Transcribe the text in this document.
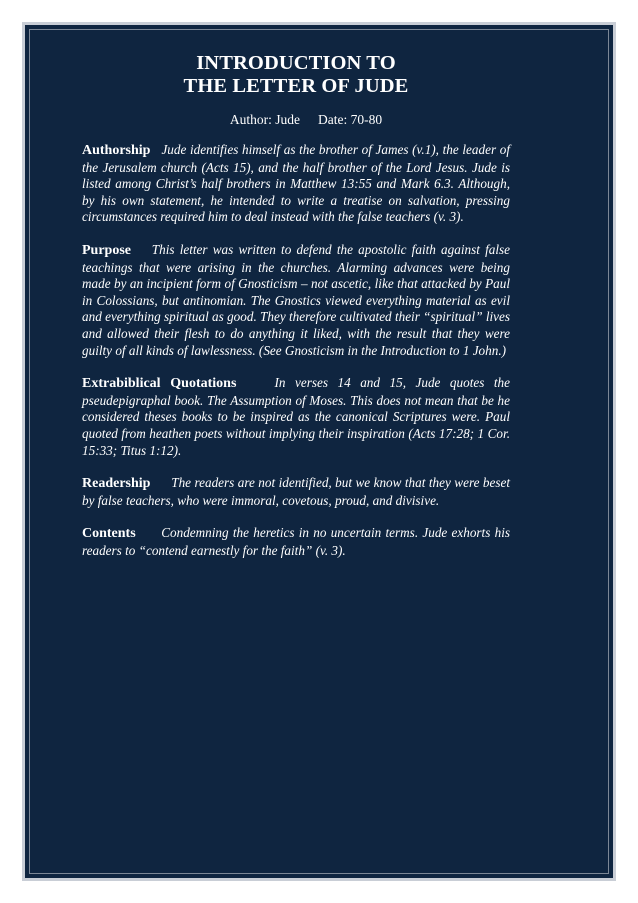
INTRODUCTION TO
THE LETTER OF JUDE
Author: Jude Date: 70-80
Authorship Jude identifies himself as the brother of James (v.1), the leader of the Jerusalem church (Acts 15), and the half brother of the Lord Jesus. Jude is listed among Christ’s half brothers in Matthew 13:55 and Mark 6.3. Although, by his own statement, he intended to write a treatise on salvation, pressing circumstances required him to deal instead with the false teachers (v. 3).
Purpose This letter was written to defend the apostolic faith against false teachings that were arising in the churches. Alarming advances were being made by an incipient form of Gnosticism – not ascetic, like that attacked by Paul in Colossians, but antinomian. The Gnostics viewed everything material as evil and everything spiritual as good. They therefore cultivated their “spiritual” lives and allowed their flesh to do anything it liked, with the result that they were guilty of all kinds of lawlessness. (See Gnosticism in the Introduction to 1 John.)
Extrabiblical Quotations	In verses 14 and 15, Jude quotes the pseudepigraphal book. The Assumption of Moses. This does not mean that be he considered theses books to be inspired as the canonical Scriptures were. Paul quoted from heathen poets without implying their inspiration (Acts 17:28; 1 Cor. 15:33; Titus 1:12).
Readership The readers are not identified, but we know that they were beset by false teachers, who were immoral, covetous, proud, and divisive.
Contents Condemning the heretics in no uncertain terms. Jude exhorts his readers to “contend earnestly for the faith” (v. 3).
